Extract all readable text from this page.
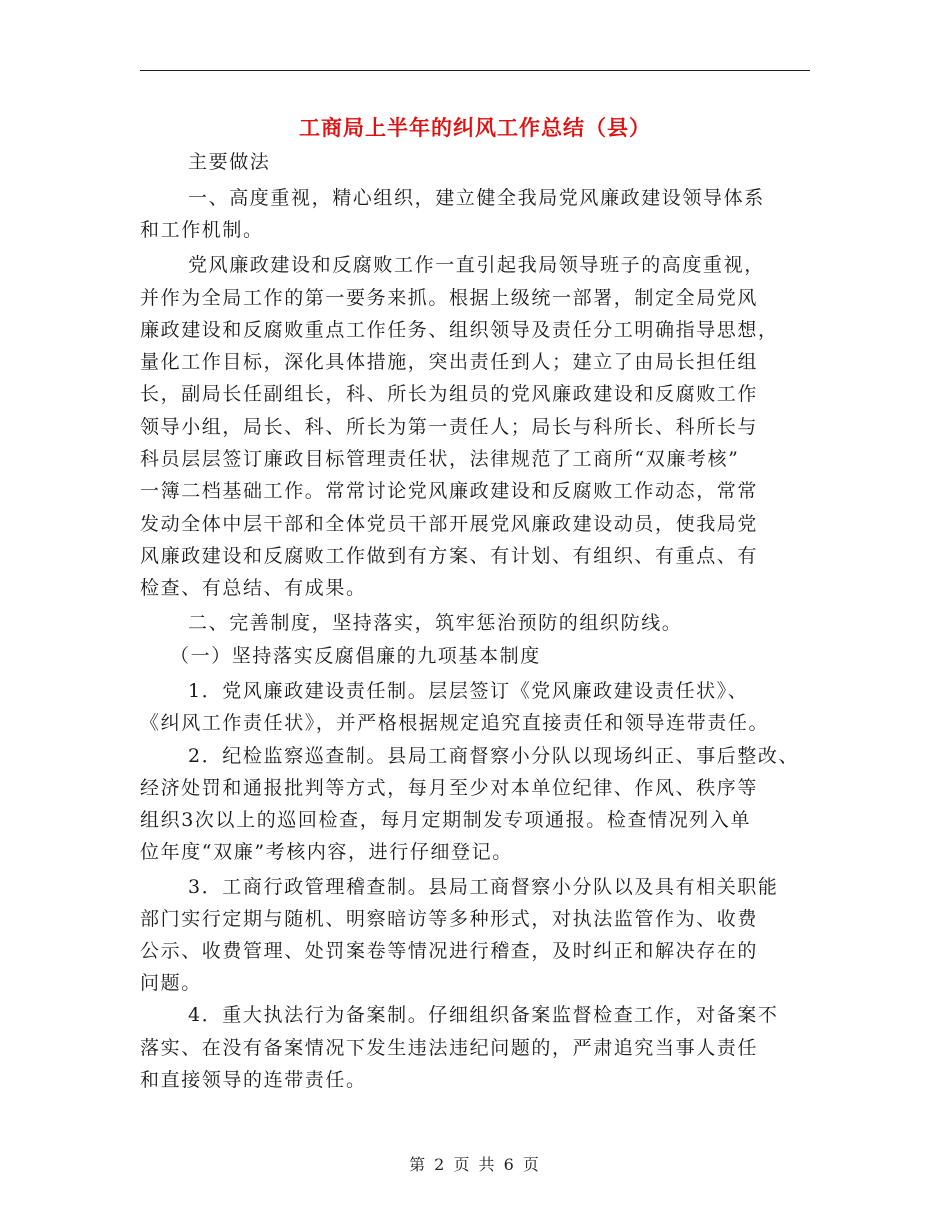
工商局上半年的纠风工作总结（县）
主要做法
一、高度重视，精心组织，建立健全我局党风廉政建设领导体系
和工作机制。
党风廉政建设和反腐败工作一直引起我局领导班子的高度重视，
并作为全局工作的第一要务来抓。根据上级统一部署，制定全局党风
廉政建设和反腐败重点工作任务、组织领导及责任分工明确指导思想，
量化工作目标，深化具体措施，突出责任到人；建立了由局长担任组
长，副局长任副组长，科、所长为组员的党风廉政建设和反腐败工作
领导小组，局长、科、所长为第一责任人；局长与科所长、科所长与
科员层层签订廉政目标管理责任状，法律规范了工商所“双廉考核”
一簿二档基础工作。常常讨论党风廉政建设和反腐败工作动态，常常
发动全体中层干部和全体党员干部开展党风廉政建设动员，使我局党
风廉政建设和反腐败工作做到有方案、有计划、有组织、有重点、有
检查、有总结、有成果。
二、完善制度，坚持落实，筑牢惩治预防的组织防线。
（一）坚持落实反腐倡廉的九项基本制度
1．党风廉政建设责任制。层层签订《党风廉政建设责任状》、
《纠风工作责任状》，并严格根据规定追究直接责任和领导连带责任。
2．纪检监察巡查制。县局工商督察小分队以现场纠正、事后整改、
经济处罚和通报批判等方式，每月至少对本单位纪律、作风、秩序等
组织3次以上的巡回检查，每月定期制发专项通报。检查情况列入单
位年度“双廉”考核内容，进行仔细登记。
3．工商行政管理稽查制。县局工商督察小分队以及具有相关职能
部门实行定期与随机、明察暗访等多种形式，对执法监管作为、收费
公示、收费管理、处罚案卷等情况进行稽查，及时纠正和解决存在的
问题。
4．重大执法行为备案制。仔细组织备案监督检查工作，对备案不
落实、在没有备案情况下发生违法违纪问题的，严肃追究当事人责任
和直接领导的连带责任。
第 2 页 共 6 页
